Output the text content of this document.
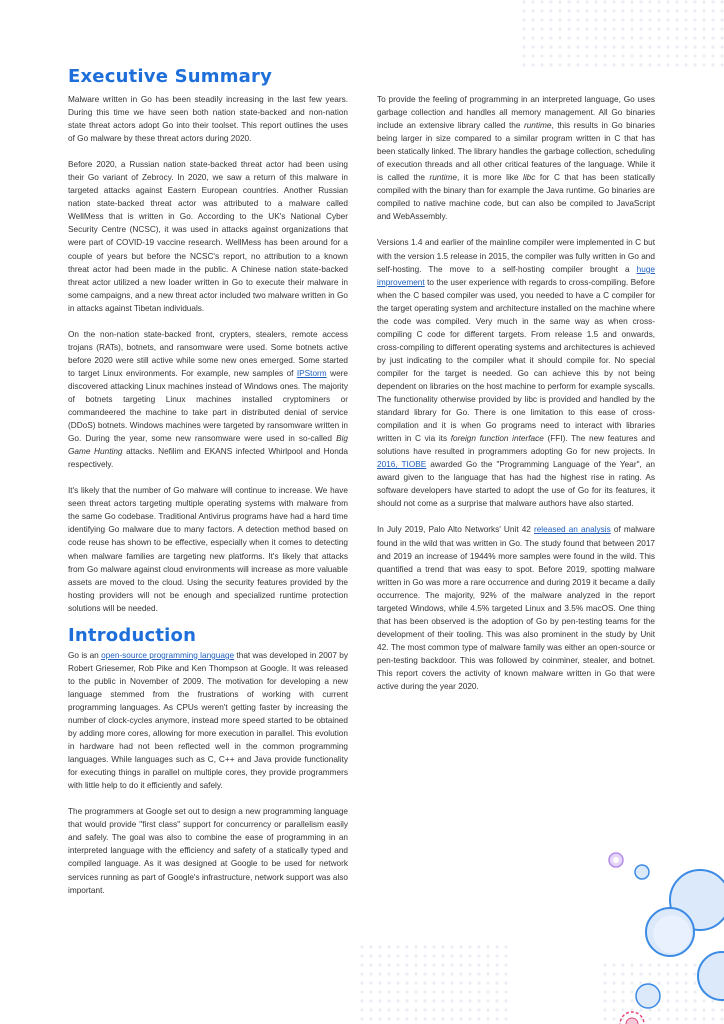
Executive Summary

Malware written in Go has been steadily increasing in the last few years. During this time we have seen both nation state-backed and non-nation state threat actors adopt Go into their toolset. This report outlines the uses of Go malware by these threat actors during 2020.

Before 2020, a Russian nation state-backed threat actor had been using their Go variant of Zebrocy. In 2020, we saw a return of this malware in targeted attacks against Eastern European countries. Another Russian nation state-backed threat actor was attributed to a malware called WellMess that is written in Go. According to the UK's National Cyber Security Centre (NCSC), it was used in attacks against organizations that were part of COVID-19 vaccine research. WellMess has been around for a couple of years but before the NCSC's report, no attribution to a known threat actor had been made in the public. A Chinese nation state-backed threat actor utilized a new loader written in Go to execute their malware in some campaigns, and a new threat actor included two malware written in Go in attacks against Tibetan individuals.

On the non-nation state-backed front, crypters, stealers, remote access trojans (RATs), botnets, and ransomware were used. Some botnets active before 2020 were still active while some new ones emerged. Some started to target Linux environments. For example, new samples of IPStorm were discovered attacking Linux machines instead of Windows ones. The majority of botnets targeting Linux machines installed cryptominers or commandeered the machine to take part in distributed denial of service (DDoS) botnets. Windows machines were targeted by ransomware written in Go. During the year, some new ransomware were used in so-called Big Game Hunting attacks. Nefilim and EKANS infected Whirlpool and Honda respectively.

It's likely that the number of Go malware will continue to increase. We have seen threat actors targeting multiple operating systems with malware from the same Go codebase. Traditional Antivirus programs have had a hard time identifying Go malware due to many factors. A detection method based on code reuse has shown to be effective, especially when it comes to detecting when malware families are targeting new platforms. It's likely that attacks from Go malware against cloud environments will increase as more valuable assets are moved to the cloud. Using the security features provided by the hosting providers will not be enough and specialized runtime protection solutions will be needed.

Introduction

Go is an open-source programming language that was developed in 2007 by Robert Griesemer, Rob Pike and Ken Thompson at Google. It was released to the public in November of 2009. The motivation for developing a new language stemmed from the frustrations of working with current programming languages. As CPUs weren't getting faster by increasing the number of clock-cycles anymore, instead more speed started to be obtained by adding more cores, allowing for more execution in parallel. This evolution in hardware had not been reflected well in the common programming languages. While languages such as C, C++ and Java provide functionality for executing things in parallel on multiple cores, they provide programmers with little help to do it efficiently and safely.

The programmers at Google set out to design a new programming language that would provide "first class" support for concurrency or parallelism easily and safely. The goal was also to combine the ease of programming in an interpreted language with the efficiency and safety of a statically typed and compiled language. As it was designed at Google to be used for network services running as part of Google's infrastructure, network support was also important.

To provide the feeling of programming in an interpreted language, Go uses garbage collection and handles all memory management. All Go binaries include an extensive library called the runtime, this results in Go binaries being larger in size compared to a similar program written in C that has been statically linked. The library handles the garbage collection, scheduling of execution threads and all other critical features of the language. While it is called the runtime, it is more like libc for C that has been statically compiled with the binary than for example the Java runtime. Go binaries are compiled to native machine code, but can also be compiled to JavaScript and WebAssembly.

Versions 1.4 and earlier of the mainline compiler were implemented in C but with the version 1.5 release in 2015, the compiler was fully written in Go and self-hosting. The move to a self-hosting compiler brought a huge improvement to the user experience with regards to cross-compiling. Before when the C based compiler was used, you needed to have a C compiler for the target operating system and architecture installed on the machine where the code was compiled. Very much in the same way as when cross-compiling C code for different targets. From release 1.5 and onwards, cross-compiling to different operating systems and architectures is achieved by just indicating to the compiler what it should compile for. No special compiler for the target is needed. Go can achieve this by not being dependent on libraries on the host machine to perform for example syscalls. The functionality otherwise provided by libc is provided and handled by the standard library for Go. There is one limitation to this ease of cross-compilation and it is when Go programs need to interact with libraries written in C via its foreign function interface (FFI). The new features and solutions have resulted in programmers adopting Go for new projects. In 2016, TIOBE awarded Go the "Programming Language of the Year", an award given to the language that has had the highest rise in rating. As software developers have started to adopt the use of Go for its features, it should not come as a surprise that malware authors have also started.

In July 2019, Palo Alto Networks' Unit 42 released an analysis of malware found in the wild that was written in Go. The study found that between 2017 and 2019 an increase of 1944% more samples were found in the wild. This quantified a trend that was easy to spot. Before 2019, spotting malware written in Go was more a rare occurrence and during 2019 it became a daily occurrence. The majority, 92% of the malware analyzed in the report targeted Windows, while 4.5% targeted Linux and 3.5% macOS. One thing that has been observed is the adoption of Go by pen-testing teams for the development of their tooling. This was also prominent in the study by Unit 42. The most common type of malware family was either an open-source or pen-testing backdoor. This was followed by coinminer, stealer, and botnet. This report covers the activity of known malware written in Go that were active during the year 2020.
